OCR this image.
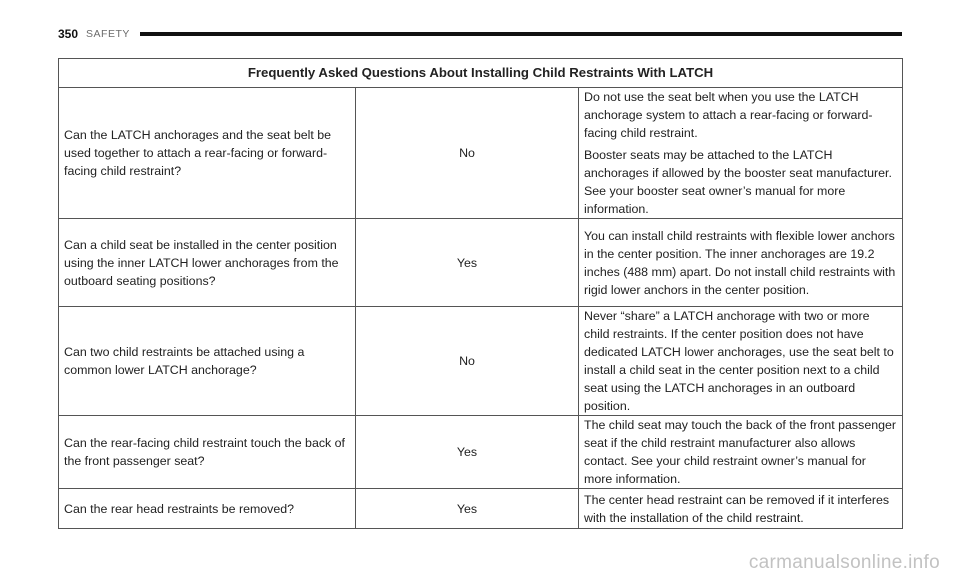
350 SAFETY
Frequently Asked Questions About Installing Child Restraints With LATCH		
Can the LATCH anchorages and the seat belt be used together to attach a rear-facing or forward-facing child restraint?	No	Do not use the seat belt when you use the LATCH anchorage system to attach a rear-facing or forward-facing child restraint.

Booster seats may be attached to the LATCH anchorages if allowed by the booster seat manufacturer. See your booster seat owner’s manual for more information.

Can a child seat be installed in the center position using the inner LATCH lower anchorages from the outboard seating positions?	Yes	You can install child restraints with flexible lower anchors in the center position. The inner anchorages are 19.2 inches (488 mm) apart. Do not install child restraints with rigid lower anchors in the center position.

Can two child restraints be attached using a common lower LATCH anchorage?	No	Never “share” a LATCH anchorage with two or more child restraints. If the center position does not have dedicated LATCH lower anchorages, use the seat belt to install a child seat in the center position next to a child seat using the LATCH anchorages in an outboard position.

Can the rear-facing child restraint touch the back of the front passenger seat?	Yes	The child seat may touch the back of the front passenger seat if the child restraint manufacturer also allows contact. See your child restraint owner’s manual for more information.

Can the rear head restraints be removed?	Yes	The center head restraint can be removed if it interferes with the installation of the child restraint.

carmanualsonline.info
